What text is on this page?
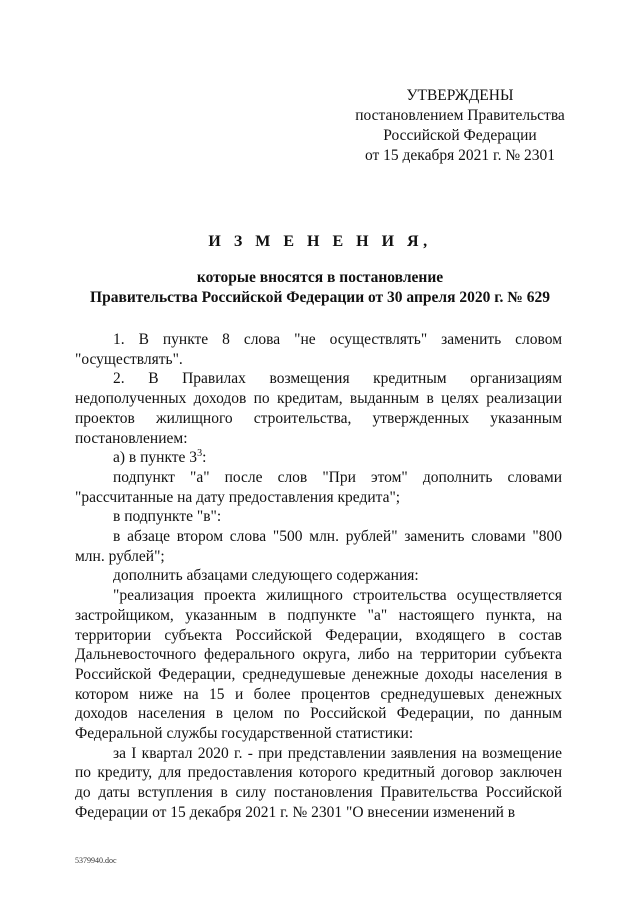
УТВЕРЖДЕНЫ
постановлением Правительства
Российской Федерации
от 15 декабря 2021 г. № 2301
И З М Е Н Е Н И Я,
которые вносятся в постановление
Правительства Российской Федерации от 30 апреля 2020 г. № 629

1. В пункте 8 слова "не осуществлять" заменить словом "осуществлять".

2. В Правилах возмещения кредитным организациям недополученных доходов по кредитам, выданным в целях реализации проектов жилищного строительства, утвержденных указанным постановлением:

а) в пункте $3^3$:

подпункт "а" после слов "При этом" дополнить словами "рассчитанные на дату предоставления кредита";

в подпункте "в":

в абзаце втором слова "500 млн. рублей" заменить словами "800 млн. рублей";

дополнить абзацами следующего содержания:

"реализация проекта жилищного строительства осуществляется застройщиком, указанным в подпункте "а" настоящего пункта, на территории субъекта Российской Федерации, входящего в состав Дальневосточного федерального округа, либо на территории субъекта Российской Федерации, среднедушевые денежные доходы населения в котором ниже на 15 и более процентов среднедушевых денежных доходов населения в целом по Российской Федерации, по данным Федеральной службы государственной статистики:

за I квартал 2020 г. - при представлении заявления на возмещение по кредиту, для предоставления которого кредитный договор заключен до даты вступления в силу постановления Правительства Российской Федерации от 15 декабря 2021 г. № 2301 "О внесении изменений в

5379940.doc
